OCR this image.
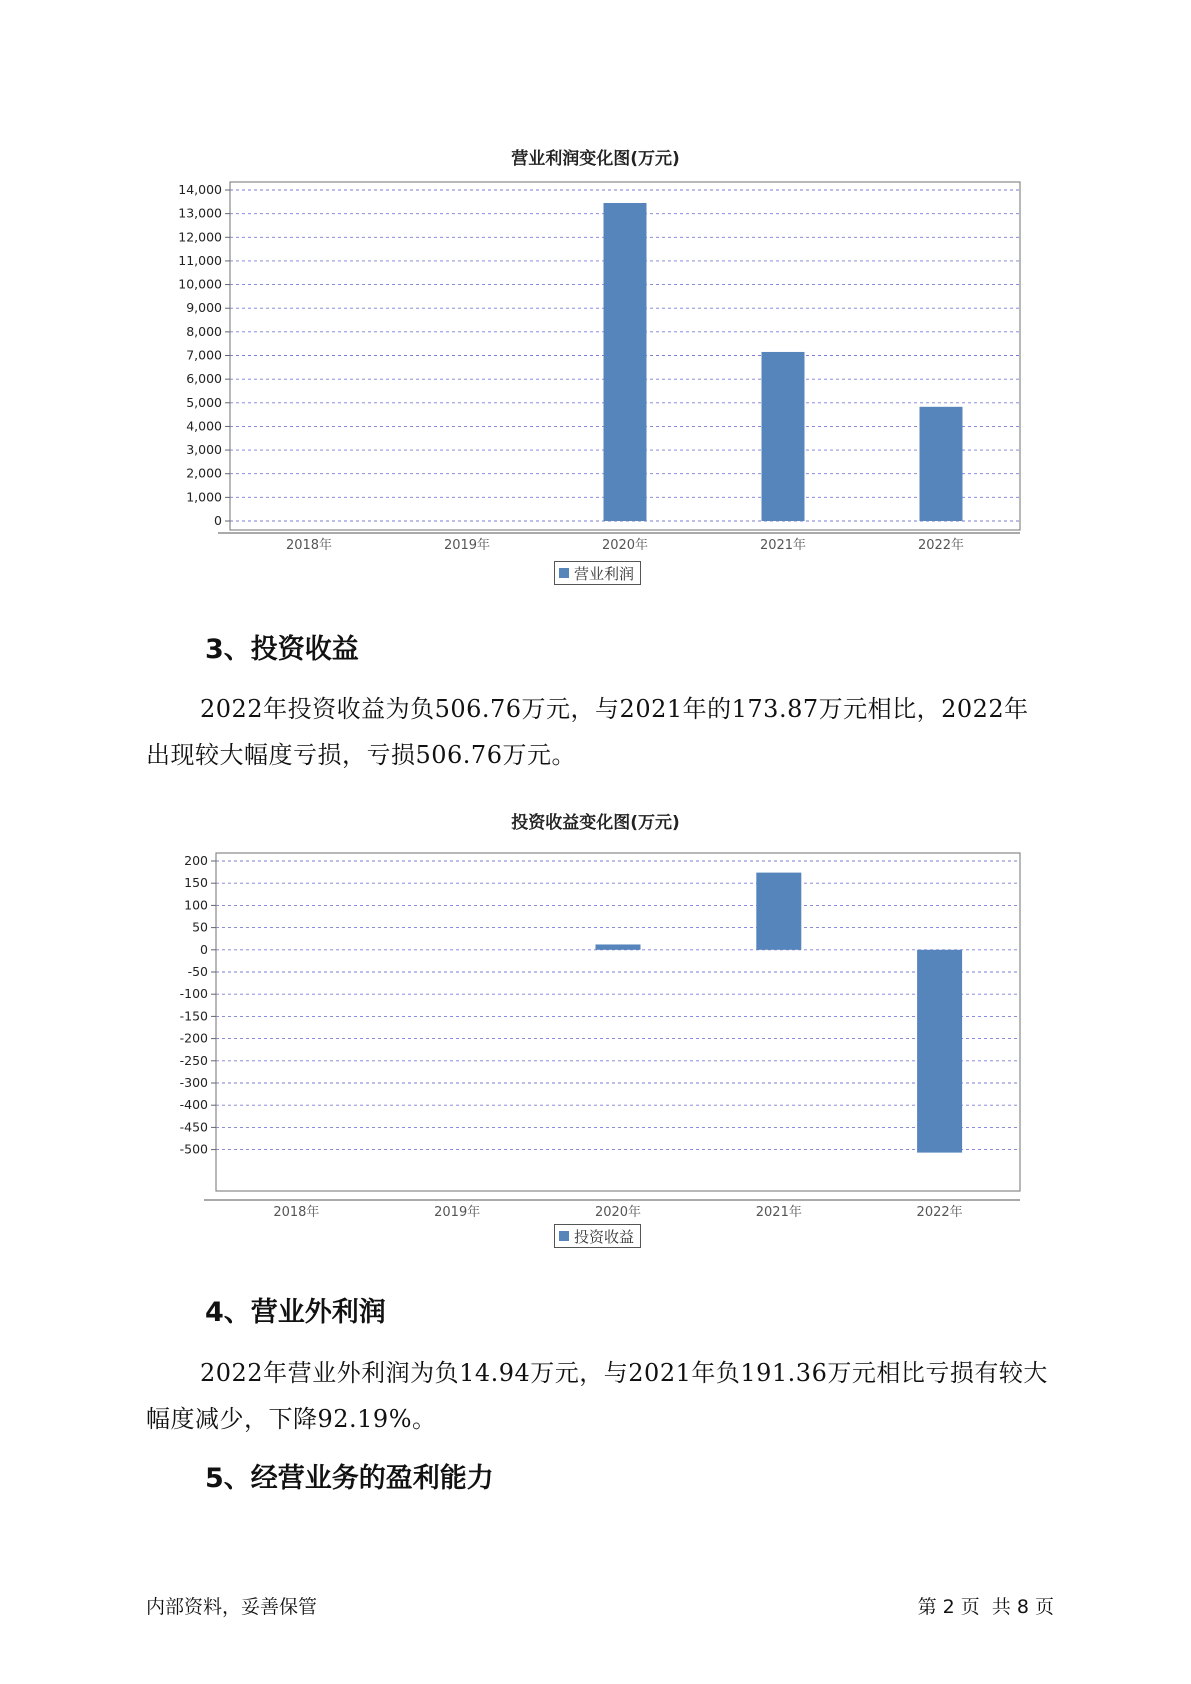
营业利润变化图(万元)
0
1,000
2,000
3,000
4,000
5,000
6,000
7,000
8,000
9,000
10,000
11,000
12,000
13,000
14,000
2018年	2019年	2020年	2021年	2022年
营业利润
3、投资收益
2022年投资收益为负506.76万元，与2021年的173.87万元相比，2022年出现较大幅度亏损，亏损506.76万元。
投资收益变化图(万元)
200
150
100
50
0
-50
-100
-150
-200
-250
-300
-400
-450
-500
2018年	2019年	2020年	2021年	2022年
投资收益
4、营业外利润
2022年营业外利润为负14.94万元，与2021年负191.36万元相比亏损有较大幅度减少，下降92.19%。
5、经营业务的盈利能力
内部资料，妥善保管	第 2 页  共 8 页
